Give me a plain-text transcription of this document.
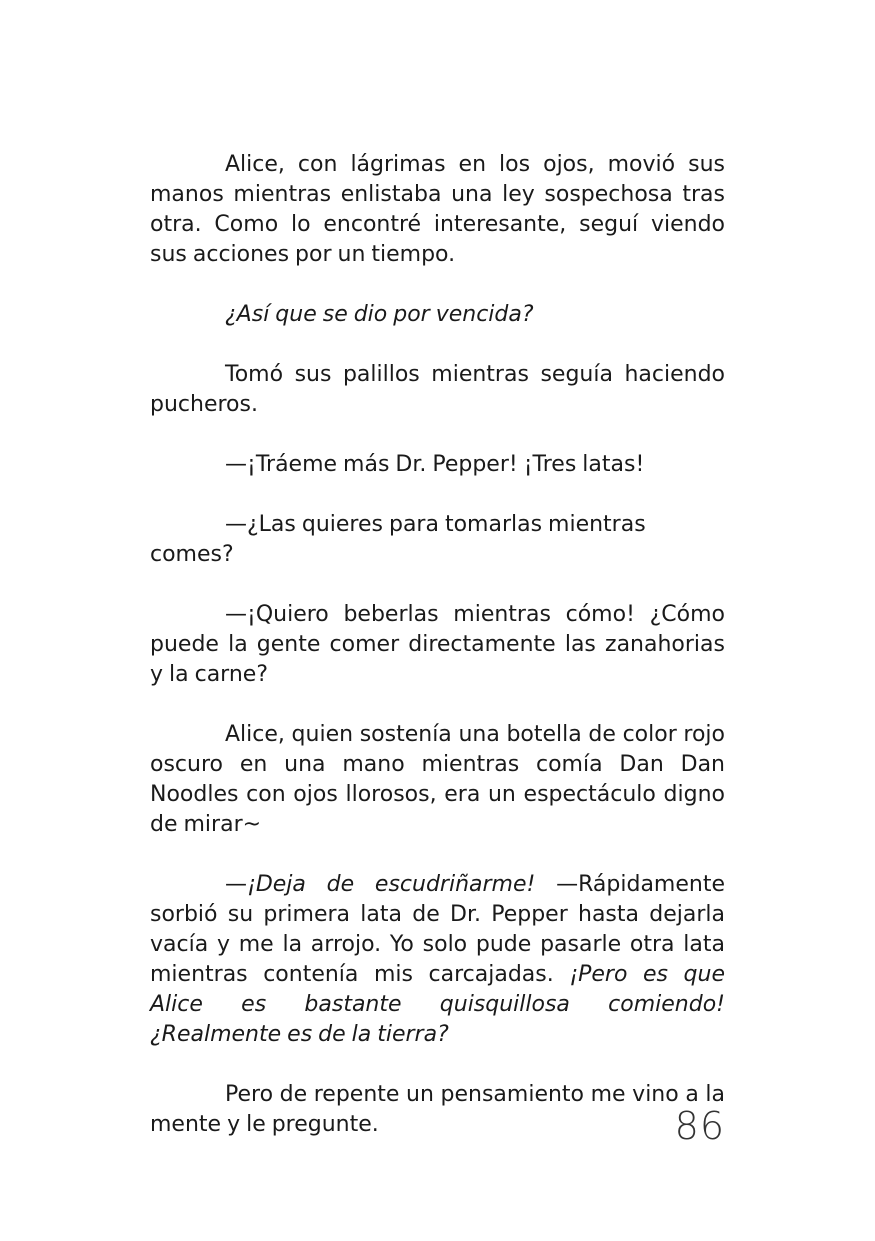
Alice, con lágrimas en los ojos, movió sus manos mientras enlistaba una ley sospechosa tras otra. Como lo encontré interesante, seguí viendo sus acciones por un tiempo.

¿Así que se dio por vencida?

Tomó sus palillos mientras seguía haciendo pucheros.

—¡Tráeme más Dr. Pepper! ¡Tres latas!

—¿Las quieres para tomarlas mientras comes?

—¡Quiero beberlas mientras cómo! ¿Cómo puede la gente comer directamente las zanahorias y la carne?

Alice, quien sostenía una botella de color rojo oscuro en una mano mientras comía Dan Dan Noodles con ojos llorosos, era un espectáculo digno de mirar~

—¡Deja de escudriñarme! —Rápidamente sorbió su primera lata de Dr. Pepper hasta dejarla vacía y me la arrojo. Yo solo pude pasarle otra lata mientras contenía mis carcajadas. ¡Pero es que Alice es bastante quisquillosa comiendo! ¿Realmente es de la tierra?

Pero de repente un pensamiento me vino a la mente y le pregunte.	86
